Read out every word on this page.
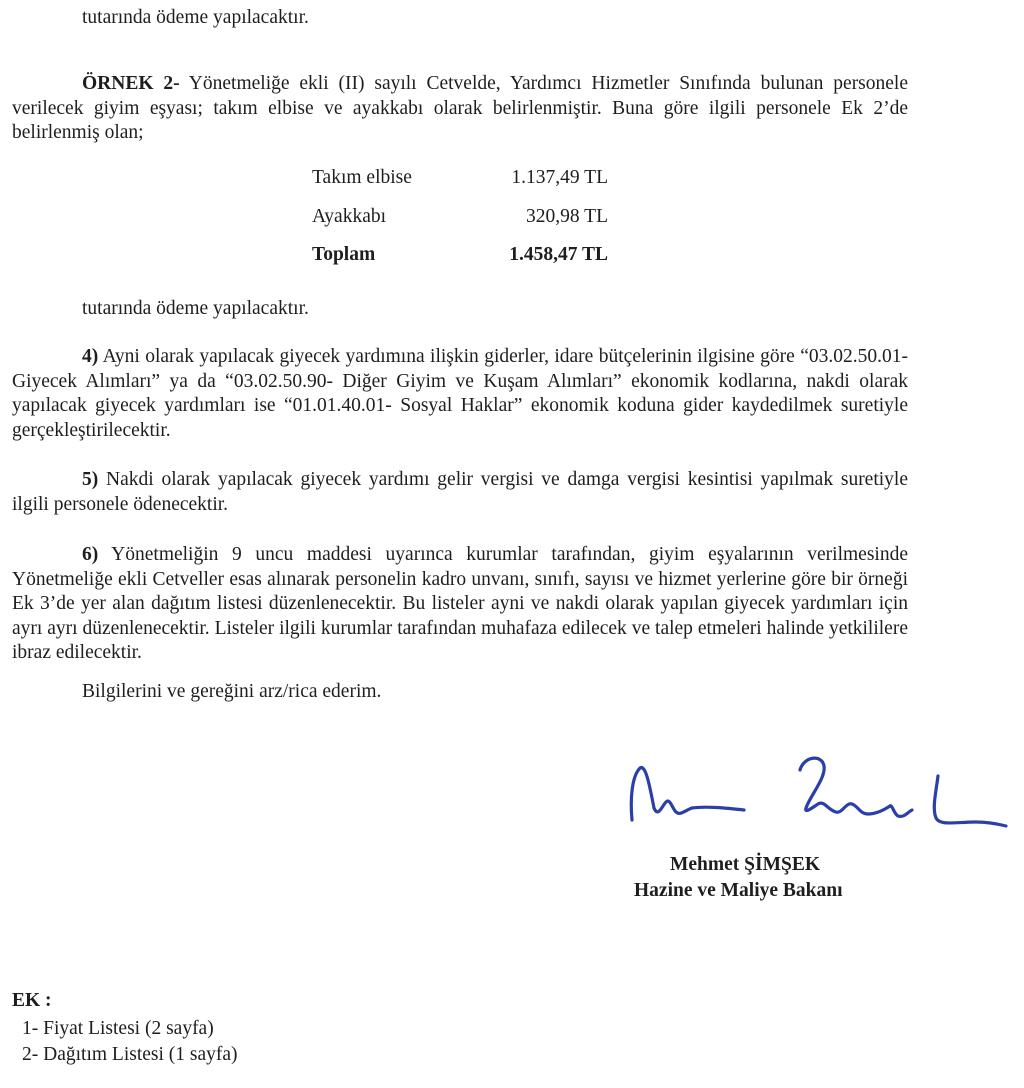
tutarında ödeme yapılacaktır.
ÖRNEK 2- Yönetmeliğe ekli (II) sayılı Cetvelde, Yardımcı Hizmetler Sınıfında bulunan personele verilecek giyim eşyası; takım elbise ve ayakkabı olarak belirlenmiştir. Buna göre ilgili personele Ek 2’de belirlenmiş olan;
Takım elbise	1.137,49 TL
Ayakkabı	320,98 TL
Toplam	1.458,47 TL
tutarında ödeme yapılacaktır.
4) Ayni olarak yapılacak giyecek yardımına ilişkin giderler, idare bütçelerinin ilgisine göre “03.02.50.01- Giyecek Alımları” ya da “03.02.50.90- Diğer Giyim ve Kuşam Alımları” ekonomik kodlarına, nakdi olarak yapılacak giyecek yardımları ise “01.01.40.01- Sosyal Haklar” ekonomik koduna gider kaydedilmek suretiyle gerçekleştirilecektir.
5) Nakdi olarak yapılacak giyecek yardımı gelir vergisi ve damga vergisi kesintisi yapılmak suretiyle ilgili personele ödenecektir.
6) Yönetmeliğin 9 uncu maddesi uyarınca kurumlar tarafından, giyim eşyalarının verilmesinde Yönetmeliğe ekli Cetveller esas alınarak personelin kadro unvanı, sınıfı, sayısı ve hizmet yerlerine göre bir örneği Ek 3’de yer alan dağıtım listesi düzenlenecektir. Bu listeler ayni ve nakdi olarak yapılan giyecek yardımları için ayrı ayrı düzenlenecektir. Listeler ilgili kurumlar tarafından muhafaza edilecek ve talep etmeleri halinde yetkililere ibraz edilecektir.
Bilgilerini ve gereğini arz/rica ederim.
Mehmet ŞİMŞEK
Hazine ve Maliye Bakanı
EK :
1- Fiyat Listesi (2 sayfa)
2- Dağıtım Listesi (1 sayfa)
